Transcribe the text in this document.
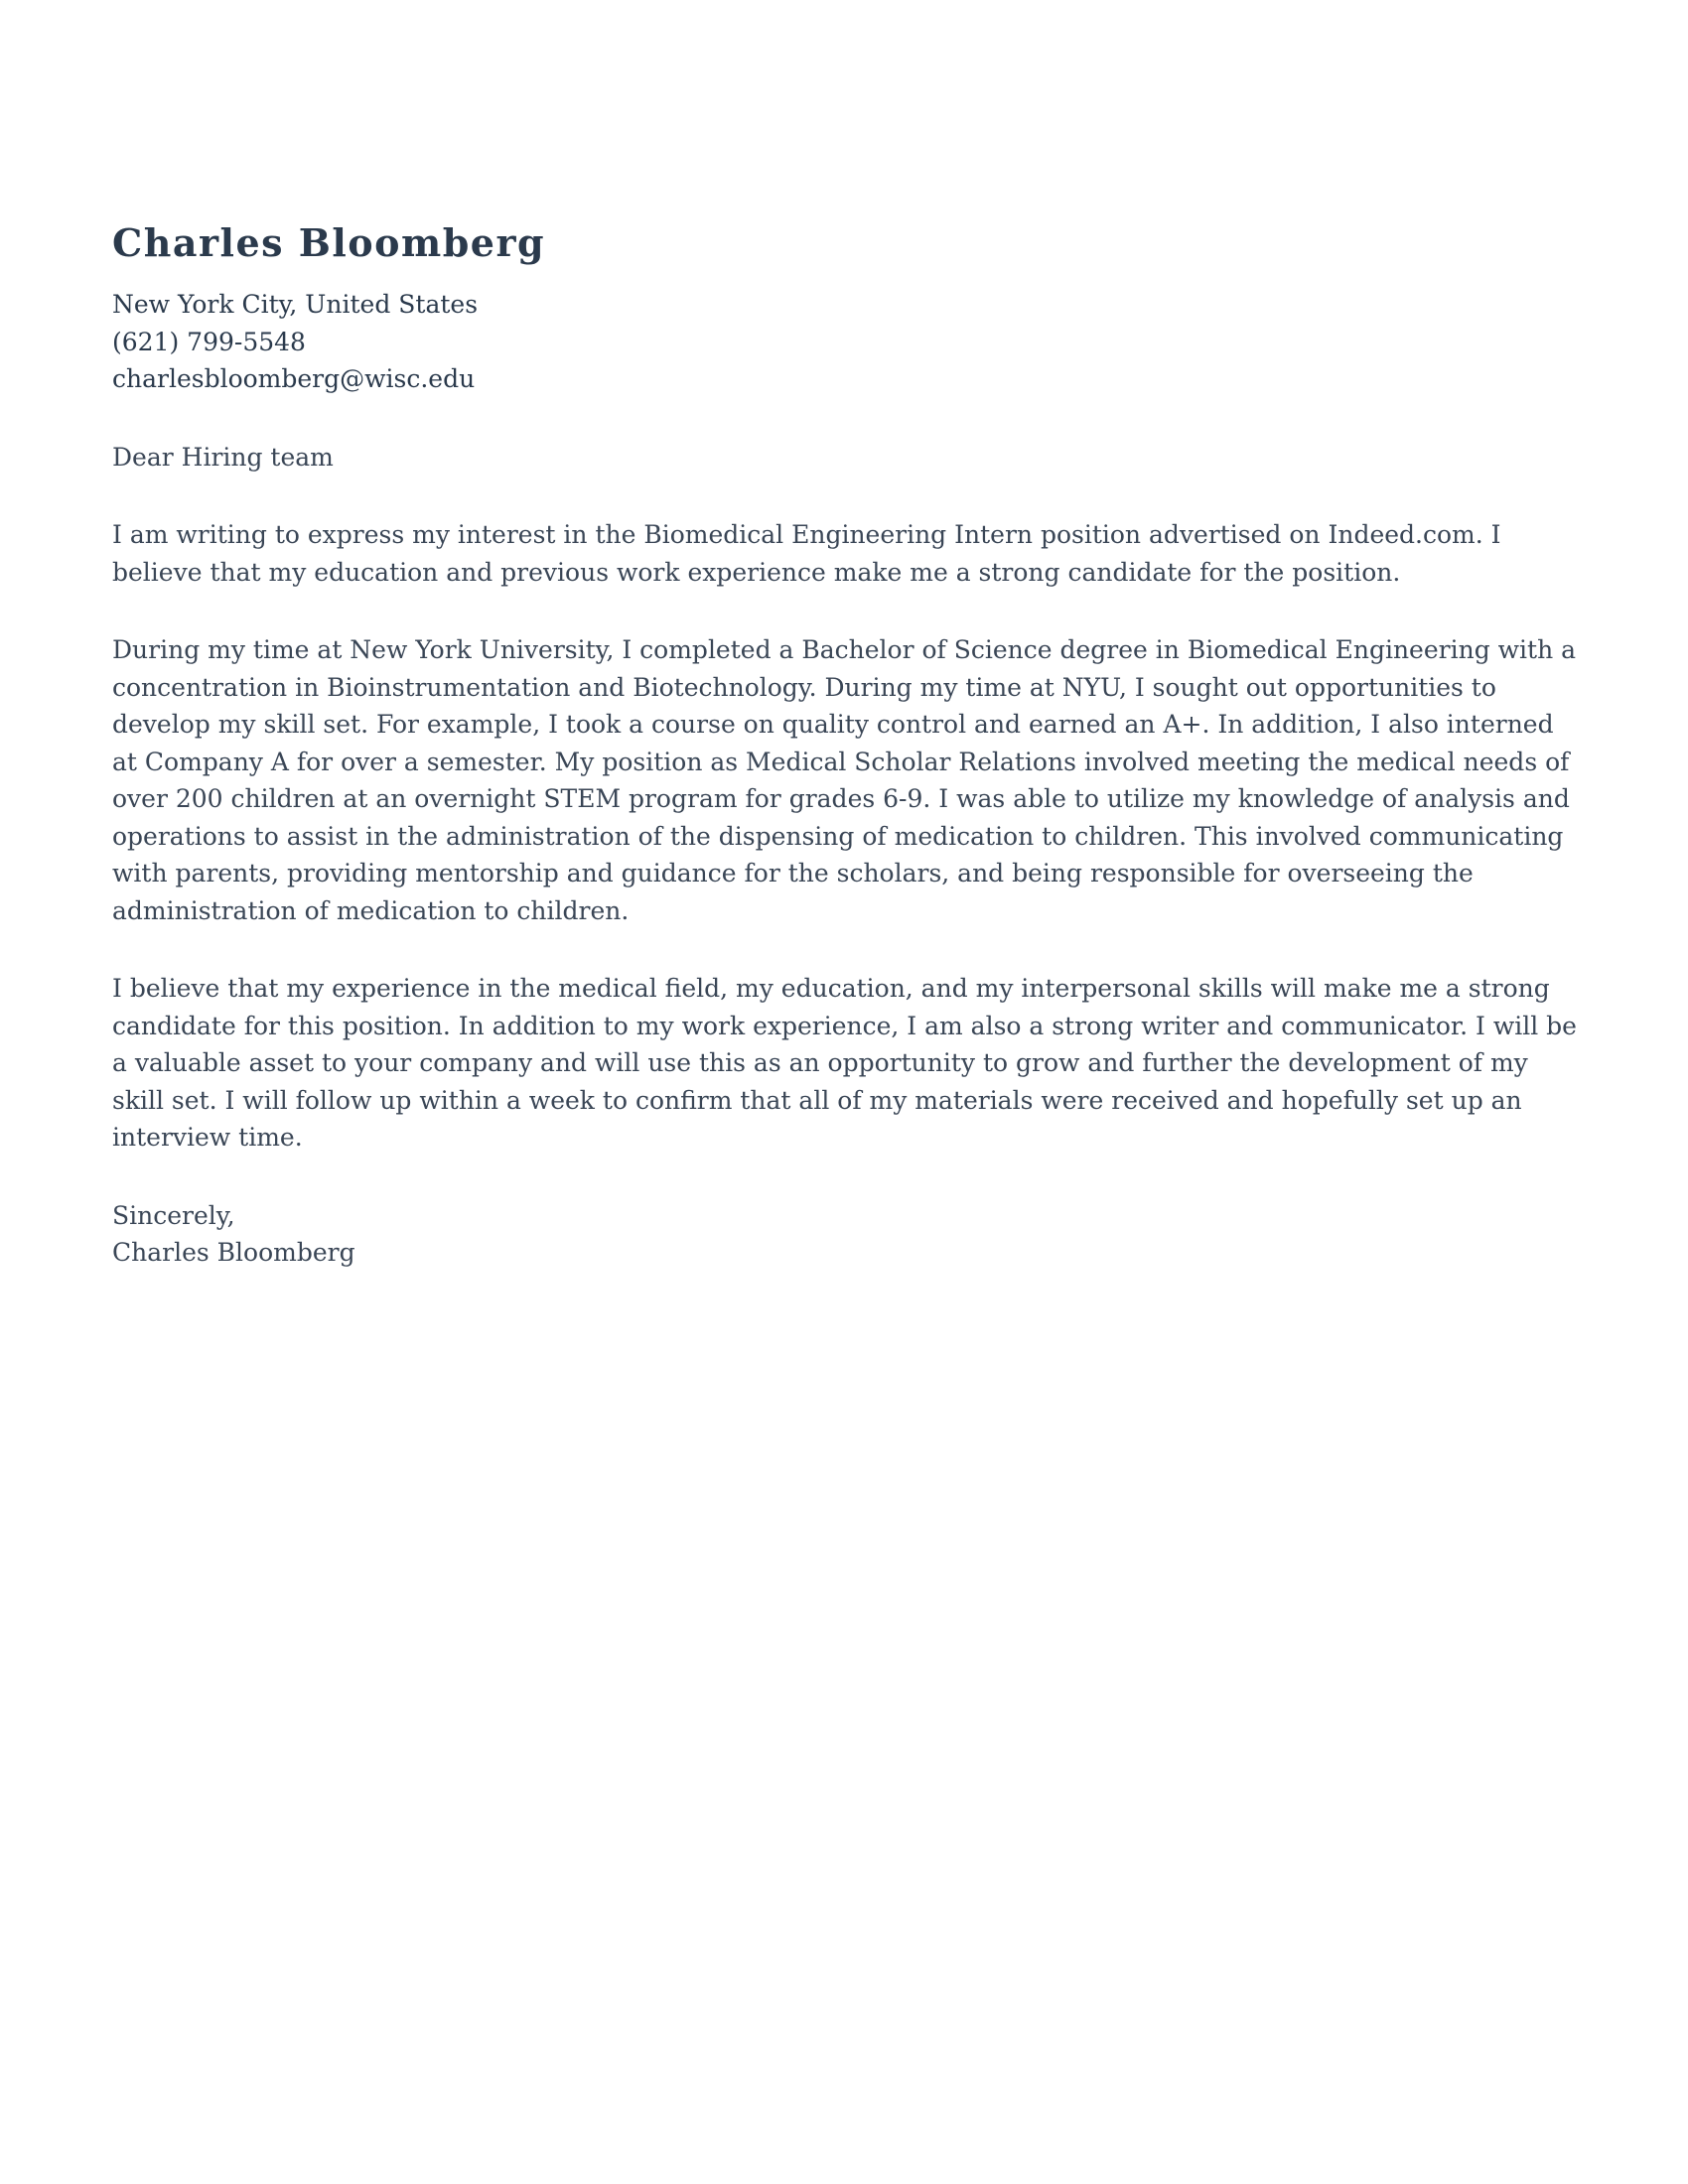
Charles Bloomberg

New York City, United States

(621) 799-5548

charlesbloomberg@wisc.edu

Dear Hiring team

I am writing to express my interest in the Biomedical Engineering Intern position advertised on Indeed.com. I believe that my education and previous work experience make me a strong candidate for the position.

During my time at New York University, I completed a Bachelor of Science degree in Biomedical Engineering with a concentration in Bioinstrumentation and Biotechnology. During my time at NYU, I sought out opportunities to develop my skill set. For example, I took a course on quality control and earned an A+. In addition, I also interned at Company A for over a semester. My position as Medical Scholar Relations involved meeting the medical needs of over 200 children at an overnight STEM program for grades 6-9. I was able to utilize my knowledge of analysis and operations to assist in the administration of the dispensing of medication to children. This involved communicating with parents, providing mentorship and guidance for the scholars, and being responsible for overseeing the administration of medication to children.

I believe that my experience in the medical field, my education, and my interpersonal skills will make me a strong candidate for this position. In addition to my work experience, I am also a strong writer and communicator. I will be a valuable asset to your company and will use this as an opportunity to grow and further the development of my skill set. I will follow up within a week to confirm that all of my materials were received and hopefully set up an interview time.

Sincerely,

Charles Bloomberg
